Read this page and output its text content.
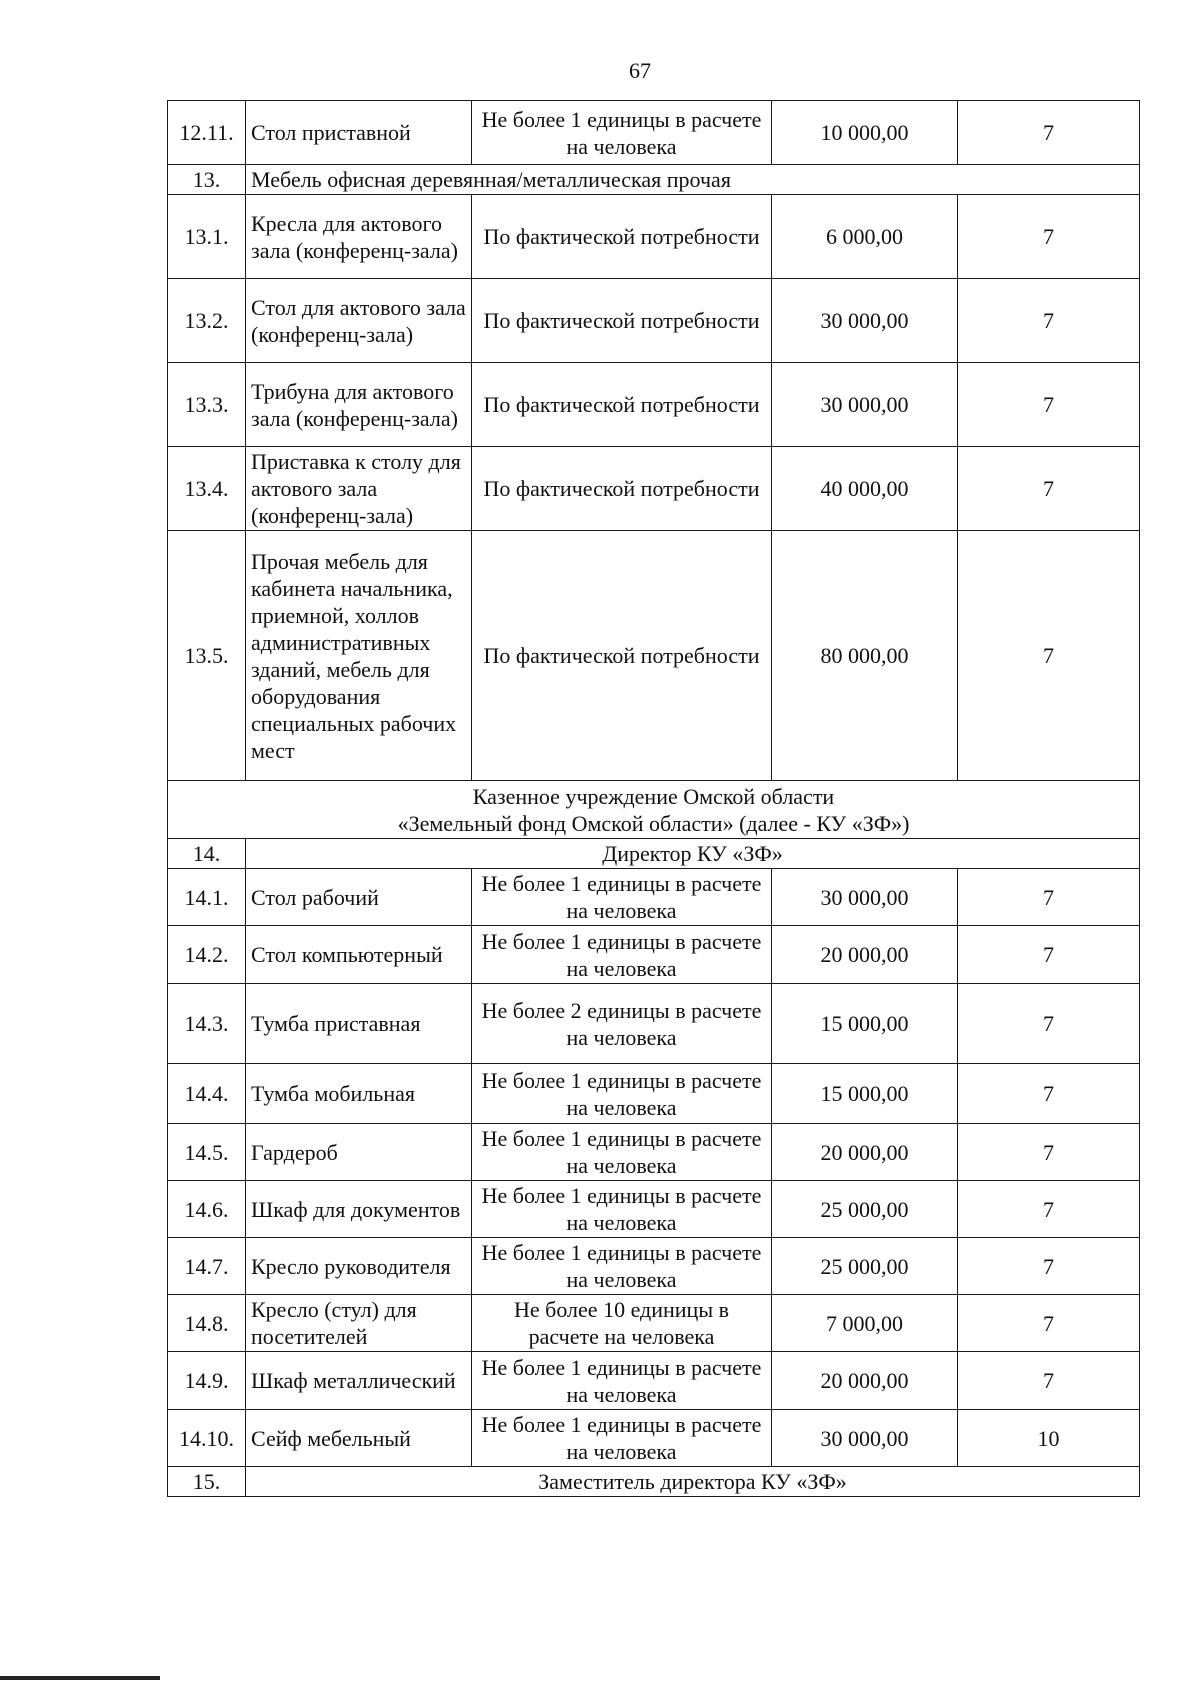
67
12.11.	Стол приставной	Не более 1 единицы в расчете на человека	10 000,00	7
13.	Мебель офисная деревянная/металлическая прочая			
13.1.	Кресла для актового зала (конференц-зала)	По фактической потребности	6 000,00	7
13.2.	Стол для актового зала (конференц-зала)	По фактической потребности	30 000,00	7
13.3.	Трибуна для актового зала (конференц-зала)	По фактической потребности	30 000,00	7
13.4.	Приставка к столу для актового зала (конференц-зала)	По фактической потребности	40 000,00	7
13.5.	Прочая мебель для кабинета начальника, приемной, холлов административных зданий, мебель для оборудования специальных рабочих мест	По фактической потребности	80 000,00	7

Казенное учреждение Омской области
«Земельный фонд Омской области» (далее - КУ «ЗФ»)				

14.	Директор КУ «ЗФ»			
14.1.	Стол рабочий	Не более 1 единицы в расчете на человека	30 000,00	7
14.2.	Стол компьютерный	Не более 1 единицы в расчете на человека	20 000,00	7
14.3.	Тумба приставная	Не более 2 единицы в расчете на человека	15 000,00	7
14.4.	Тумба мобильная	Не более 1 единицы в расчете на человека	15 000,00	7
14.5.	Гардероб	Не более 1 единицы в расчете на человека	20 000,00	7
14.6.	Шкаф для документов	Не более 1 единицы в расчете на человека	25 000,00	7
14.7.	Кресло руководителя	Не более 1 единицы в расчете на человека	25 000,00	7
14.8.	Кресло (стул) для посетителей	Не более 10 единицы в расчете на человека	7 000,00	7
14.9.	Шкаф металлический	Не более 1 единицы в расчете на человека	20 000,00	7
14.10.	Сейф мебельный	Не более 1 единицы в расчете на человека	30 000,00	10
15.	Заместитель директора КУ «ЗФ»			
